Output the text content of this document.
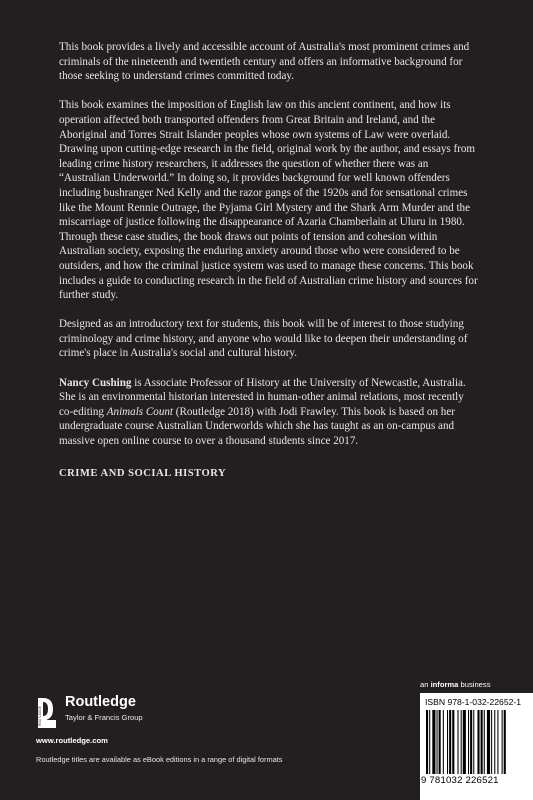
This book provides a lively and accessible account of Australia's most prominent crimes and criminals of the nineteenth and twentieth century and offers an informative background for those seeking to understand crimes committed today.

This book examines the imposition of English law on this ancient continent, and how its operation affected both transported offenders from Great Britain and Ireland, and the Aboriginal and Torres Strait Islander peoples whose own systems of Law were overlaid. Drawing upon cutting-edge research in the field, original work by the author, and essays from leading crime history researchers, it addresses the question of whether there was an “Australian Underworld.” In doing so, it provides background for well known offenders including bushranger Ned Kelly and the razor gangs of the 1920s and for sensational crimes like the Mount Rennie Outrage, the Pyjama Girl Mystery and the Shark Arm Murder and the miscarriage of justice following the disappearance of Azaria Chamberlain at Uluru in 1980. Through these case studies, the book draws out points of tension and cohesion within Australian society, exposing the enduring anxiety around those who were considered to be outsiders, and how the criminal justice system was used to manage these concerns. This book includes a guide to conducting research in the field of Australian crime history and sources for further study.

Designed as an introductory text for students, this book will be of interest to those studying criminology and crime history, and anyone who would like to deepen their understanding of crime's place in Australia's social and cultural history.

Nancy Cushing is Associate Professor of History at the University of Newcastle, Australia. She is an environmental historian interested in human-other animal relations, most recently co-editing Animals Count (Routledge 2018) with Jodi Frawley. This book is based on her undergraduate course Australian Underworlds which she has taught as an on-campus and massive open online course to over a thousand students since 2017.

CRIME AND SOCIAL HISTORY
ROUTLEDGE
Routledge
Taylor & Francis Group
www.routledge.com
Routledge titles are available as eBook editions in a range of digital formats
an informa business
ISBN 978-1-032-22652-1
9 781032 226521
